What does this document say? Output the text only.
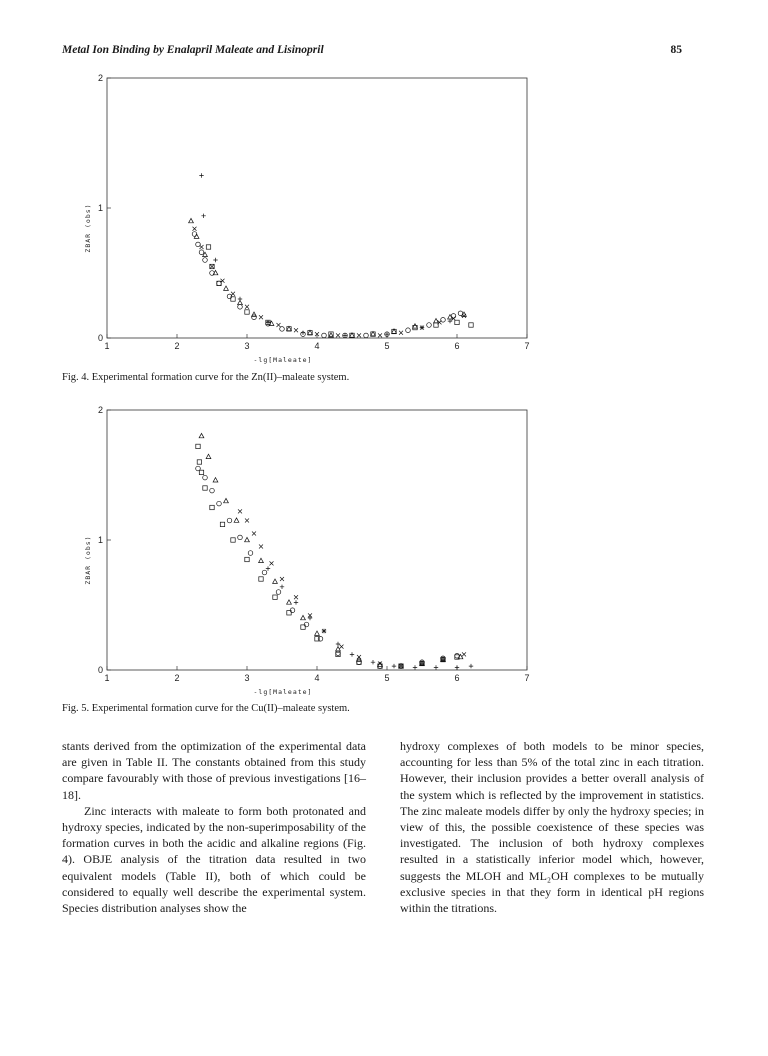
Metal Ion Binding by Enalapril Maleate and Lisinopril	85
1	2	3	4	5	6	7
0
1
2
-lg[Maleate]
ZBAR (obs)
Fig. 4. Experimental formation curve for the Zn(II)–maleate system.
1	2	3	4	5	6	7
0
1
2
-lg[Maleate]
ZBAR (obs)
Fig. 5. Experimental formation curve for the Cu(II)–maleate system.

stants derived from the optimization of the experimental data are given in Table II. The constants obtained from this study compare favourably with those of previous investigations [16–18].

Zinc interacts with maleate to form both protonated and hydroxy species, indicated by the non-superimposability of the formation curves in both the acidic and alkaline regions (Fig. 4). OBJE analysis of the titration data resulted in two equivalent models (Table II), both of which could be considered to equally well describe the experimental system. Species distribution analyses show the

hydroxy complexes of both models to be minor species, accounting for less than 5% of the total zinc in each titration. However, their inclusion provides a better overall analysis of the system which is reflected by the improvement in statistics. The zinc maleate models differ by only the hydroxy species; in view of this, the possible coexistence of these species was investigated. The inclusion of both hydroxy complexes resulted in a statistically inferior model which, however, suggests the MLOH and ML₂OH complexes to be mutually exclusive species in that they form in identical pH regions within the titrations.
